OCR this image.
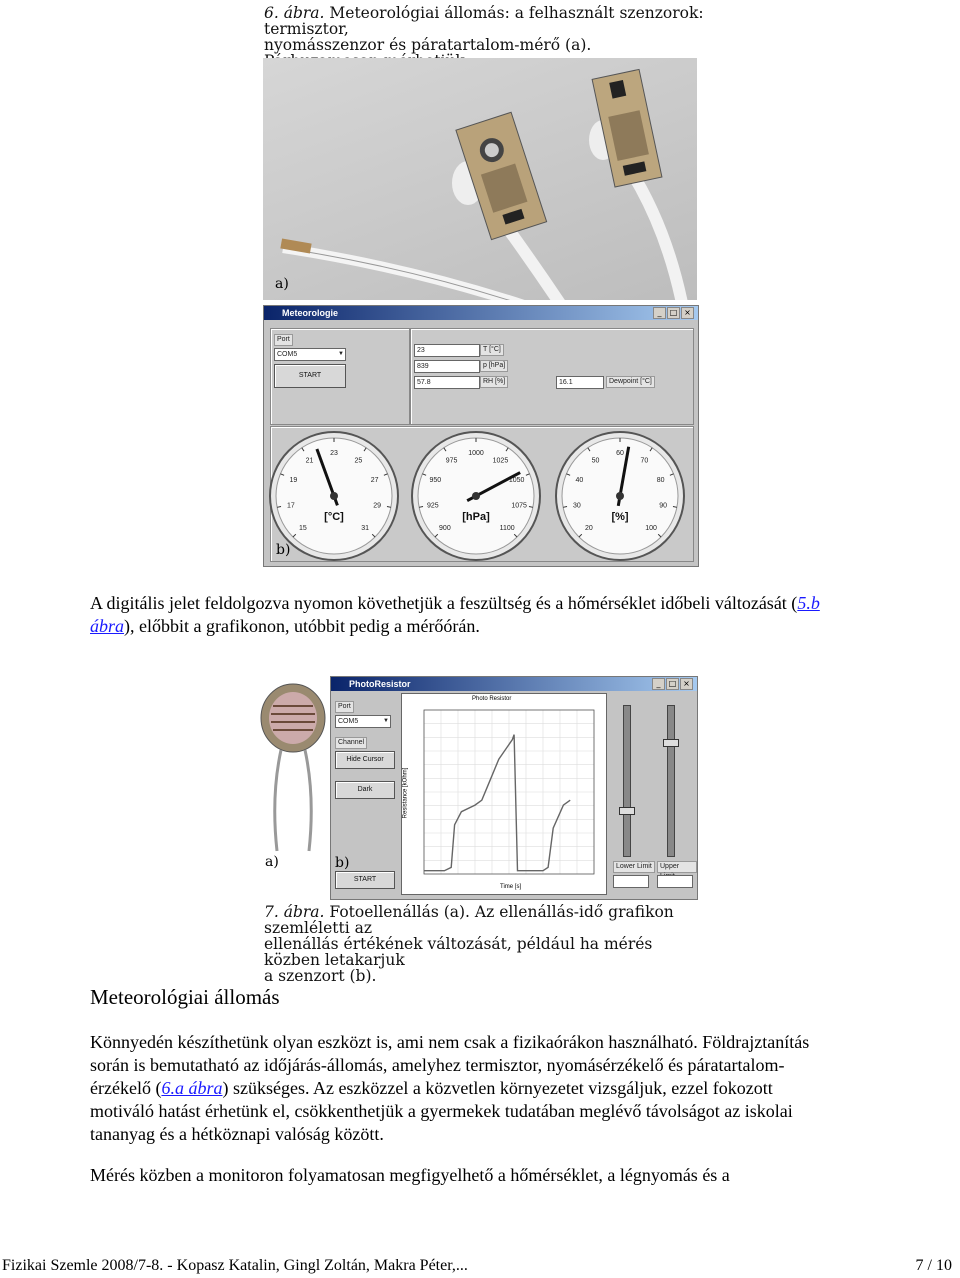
6. ábra. Meteorológiai állomás: a felhasznált szenzorok: termisztor,
nyomásszenzor és páratartalom-mérő (a).
a)
Meteorologie	_	□ ×
Port
COM5	▼
START
23	T [°C]
839	p [hPa]
57.8	RH [%]	16.1	Dewpoint [°C]
15
17
19
21
23
25
27
29
31
[°C]
900
925
950
975
1000
1025
1050
1075
1100
[hPa]
20
30
40
50
60
70
80
90
100
[%]
b)
A digitális jelet feldolgozva nyomon követhetjük a feszültség és a hőmérséklet időbeli változását (5.b
ábra), előbbit a grafikonon, utóbbit pedig a mérőórán.
a)
PhotoResistor	_	□ ×
Port
COM5	▼
Channel
Hide Cursor
Dark
START
b)
Photo Resistor
Time [s]
Resistance [kOhm]
Lower Limit	Upper
7. ábra. Fotoellenállás (a). Az ellenállás-idő grafikon szemléletti az
ellenállás értékének változását, például ha mérés közben letakarjuk
a szenzort (b).
Meteorológiai állomás
Könnyedén készíthetünk olyan eszközt is, ami nem csak a fizikaórákon használható. Földrajztanítás
során is bemutatható az időjárás-állomás, amelyhez termisztor, nyomásérzékelő és páratartalom-
érzékelő (6.a ábra) szükséges. Az eszközzel a közvetlen környezetet vizsgáljuk, ezzel fokozott
motiváló hatást érhetünk el, csökkenthetjük a gyermekek tudatában meglévő távolságot az iskolai
tananyag és a hétköznapi valóság között.
Mérés közben a monitoron folyamatosan megfigyelhető a hőmérséklet, a légnyomás és a
Fizikai Szemle 2008/7-8. - Kopasz Katalin, Gingl Zoltán, Makra Péter,...	7 / 10
